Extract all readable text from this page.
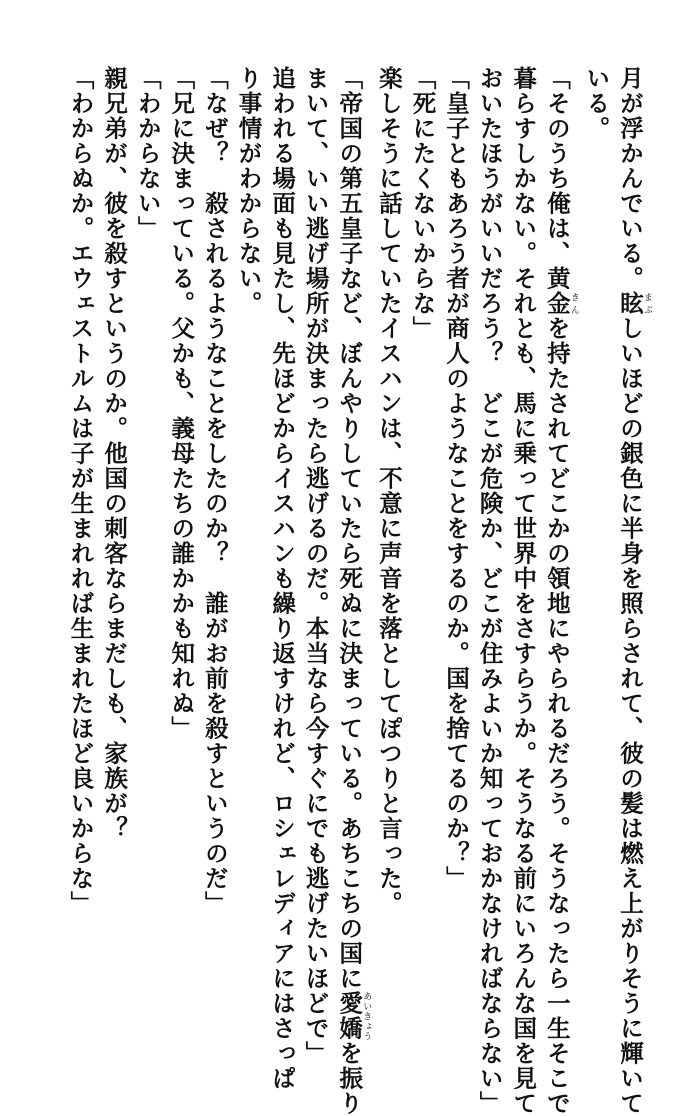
月が浮かんでいる。眩まぶしいほどの銀色に半身を照らされて、彼の髪は燃え上がりそうに輝いて
いる。
「そのうち俺は、黄金きんを持たされてどこかの領地にやられるだろう。そうなったら一生そこで
暮らすしかない。それとも、馬に乗って世界中をさすらうか。そうなる前にいろんな国を見て
おいたほうがいいだろう？　どこが危険か、どこが住みよいか知っておかなければならない」
「皇子ともあろう者が商人のようなことをするのか。国を捨てるのか？」
「死にたくないからな」
楽しそうに話していたイスハンは、不意に声音を落としてぽつりと言った。
「帝国の第五皇子など、ぼんやりしていたら死ぬに決まっている。あちこちの国に愛嬌あいきょうを振り
まいて、いい逃げ場所が決まったら逃げるのだ。本当なら今すぐにでも逃げたいほどで」
追われる場面も見たし、先ほどからイスハンも繰り返すけれど、ロシェレディアにはさっぱ
り事情がわからない。
「なぜ？　殺されるようなことをしたのか？　誰がお前を殺すというのだ」
「兄に決まっている。父かも、義母たちの誰かかも知れぬ」
「わからない」
親兄弟が、彼を殺すというのか。他国の刺客ならまだしも、家族が？
「わからぬか。エウェストルムは子が生まれれば生まれたほど良いからな」
